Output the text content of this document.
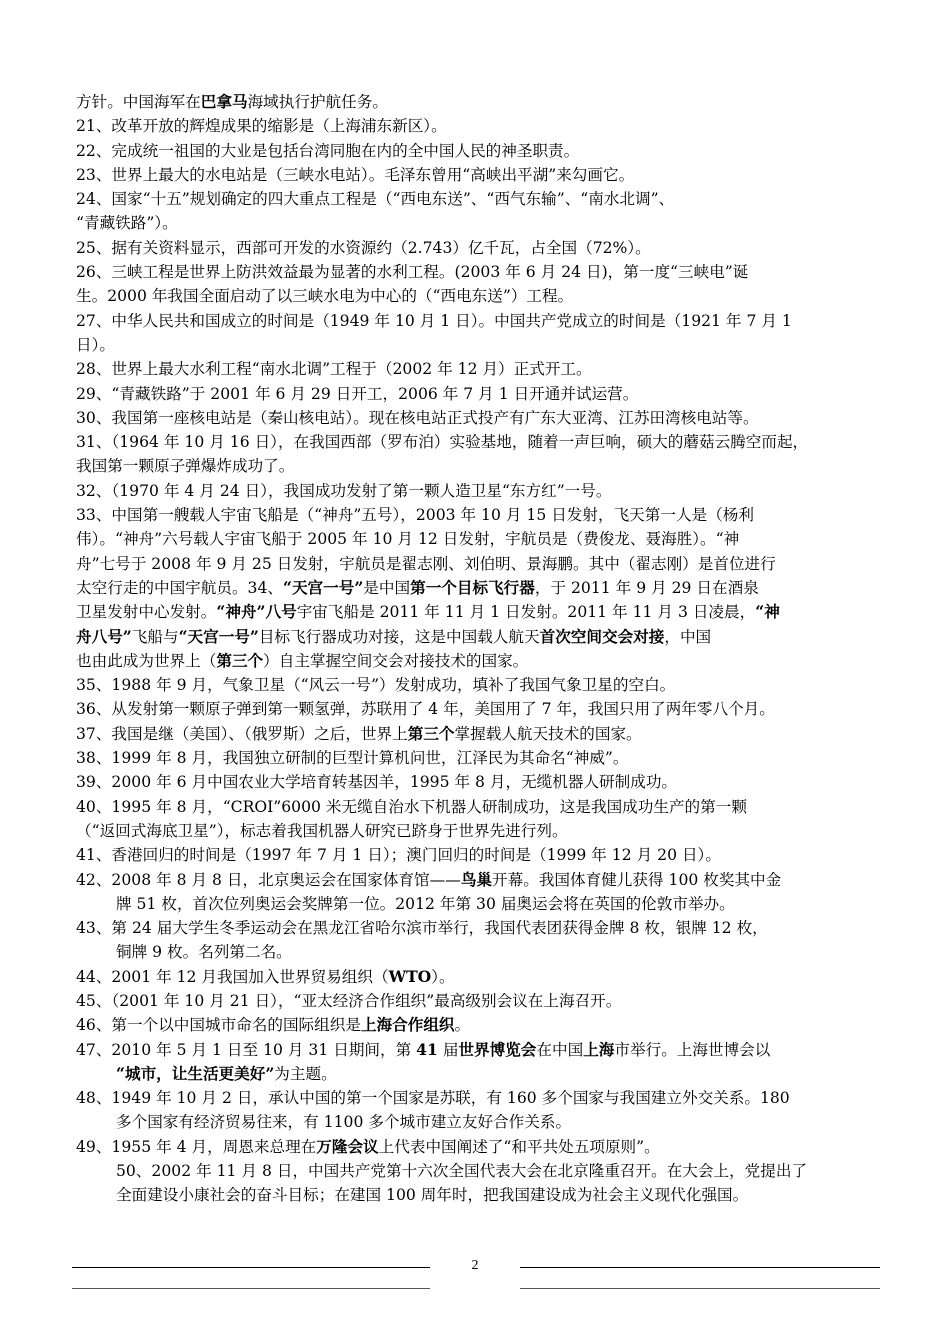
方针。中国海军在巴拿马海域执行护航任务。
21、改革开放的辉煌成果的缩影是（上海浦东新区）。
22、完成统一祖国的大业是包括台湾同胞在内的全中国人民的神圣职责。
23、世界上最大的水电站是（三峡水电站）。毛泽东曾用“高峡出平湖”来勾画它。
24、国家“十五”规划确定的四大重点工程是（“西电东送”、“西气东输”、“南水北调”、
“青藏铁路”）。
25、据有关资料显示，西部可开发的水资源约（2.743）亿千瓦，占全国（72%）。
26、三峡工程是世界上防洪效益最为显著的水利工程。(2003 年 6 月 24 日)，第一度“三峡电”诞
生。2000 年我国全面启动了以三峡水电为中心的（“西电东送”）工程。
27、中华人民共和国成立的时间是（1949 年 10 月 1 日）。中国共产党成立的时间是（1921 年 7 月 1
日）。
28、世界上最大水利工程“南水北调”工程于（2002 年 12 月）正式开工。
29、“青藏铁路”于 2001 年 6 月 29 日开工，2006 年 7 月 1 日开通并试运营。
30、我国第一座核电站是（秦山核电站）。现在核电站正式投产有广东大亚湾、江苏田湾核电站等。
31、（1964 年 10 月 16 日），在我国西部（罗布泊）实验基地，随着一声巨响，硕大的蘑菇云腾空而起，
我国第一颗原子弹爆炸成功了。
32、（1970 年 4 月 24 日），我国成功发射了第一颗人造卫星“东方红”一号。
33、中国第一艘载人宇宙飞船是（“神舟”五号），2003 年 10 月 15 日发射，飞天第一人是（杨利
伟）。“神舟”六号载人宇宙飞船于 2005 年 10 月 12 日发射，宇航员是（费俊龙、聂海胜）。“神
舟”七号于 2008 年 9 月 25 日发射，宇航员是翟志刚、刘伯明、景海鹏。其中（翟志刚）是首位进行
太空行走的中国宇航员。34、“天宫一号”是中国第一个目标飞行器，于 2011 年 9 月 29 日在酒泉
卫星发射中心发射。“神舟”八号宇宙飞船是 2011 年 11 月 1 日发射。2011 年 11 月 3 日凌晨，“神
舟八号”飞船与“天宫一号”目标飞行器成功对接，这是中国载人航天首次空间交会对接，中国
也由此成为世界上（第三个）自主掌握空间交会对接技术的国家。
35、1988 年 9 月，气象卫星（“风云一号”）发射成功，填补了我国气象卫星的空白。
36、从发射第一颗原子弹到第一颗氢弹，苏联用了 4 年，美国用了 7 年，我国只用了两年零八个月。
37、我国是继（美国）、（俄罗斯）之后，世界上第三个掌握载人航天技术的国家。
38、1999 年 8 月，我国独立研制的巨型计算机问世，江泽民为其命名“神威”。
39、2000 年 6 月中国农业大学培育转基因羊，1995 年 8 月，无缆机器人研制成功。
40、1995 年 8 月，“CROI”6000 米无缆自治水下机器人研制成功，这是我国成功生产的第一颗
（“返回式海底卫星”），标志着我国机器人研究已跻身于世界先进行列。
41、香港回归的时间是（1997 年 7 月 1 日）；澳门回归的时间是（1999 年 12 月 20 日）。
42、2008 年 8 月 8 日，北京奥运会在国家体育馆——鸟巢开幕。我国体育健儿获得 100 枚奖其中金
牌 51 枚，首次位列奥运会奖牌第一位。2012 年第 30 届奥运会将在英国的伦敦市举办。
43、第 24 届大学生冬季运动会在黑龙江省哈尔滨市举行，我国代表团获得金牌 8 枚，银牌 12 枚，
铜牌 9 枚。名列第二名。
44、2001 年 12 月我国加入世界贸易组织（WTO）。
45、（2001 年 10 月 21 日），“亚太经济合作组织”最高级别会议在上海召开。
46、第一个以中国城市命名的国际组织是上海合作组织。
47、2010 年 5 月 1 日至 10 月 31 日期间，第 41 届世界博览会在中国上海市举行。上海世博会以
“城市，让生活更美好”为主题。
48、1949 年 10 月 2 日，承认中国的第一个国家是苏联，有 160 多个国家与我国建立外交关系。180
多个国家有经济贸易往来，有 1100 多个城市建立友好合作关系。
49、1955 年 4 月，周恩来总理在万隆会议上代表中国阐述了“和平共处五项原则”。
50、2002 年 11 月 8 日，中国共产党第十六次全国代表大会在北京隆重召开。在大会上，党提出了
全面建设小康社会的奋斗目标；在建国 100 周年时，把我国建设成为社会主义现代化强国。
2
